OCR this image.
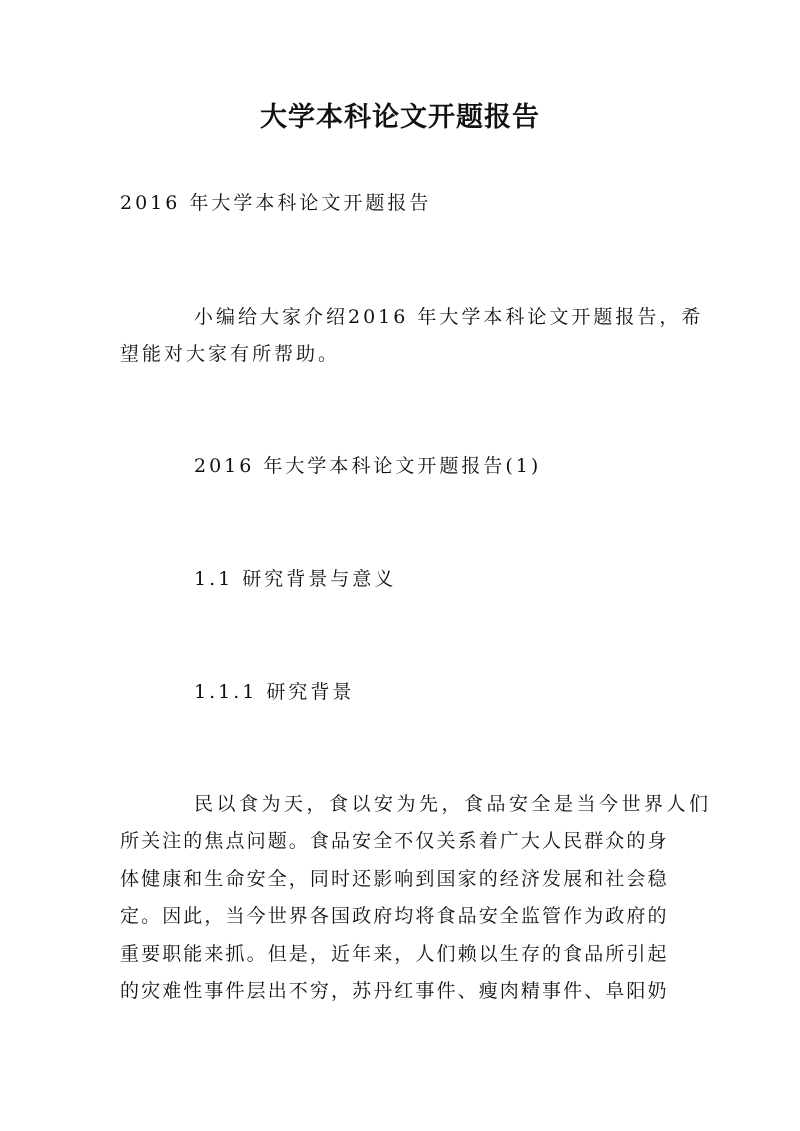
大学本科论文开题报告
2016 年大学本科论文开题报告
小编给大家介绍2016 年大学本科论文开题报告，希
望能对大家有所帮助。
2016 年大学本科论文开题报告(1)
1.1 研究背景与意义
1.1.1 研究背景
民以食为天，食以安为先，食品安全是当今世界人们
所关注的焦点问题。食品安全不仅关系着广大人民群众的身
体健康和生命安全，同时还影响到国家的经济发展和社会稳
定。因此，当今世界各国政府均将食品安全监管作为政府的
重要职能来抓。但是，近年来，人们赖以生存的食品所引起
的灾难性事件层出不穷，苏丹红事件、瘦肉精事件、阜阳奶
